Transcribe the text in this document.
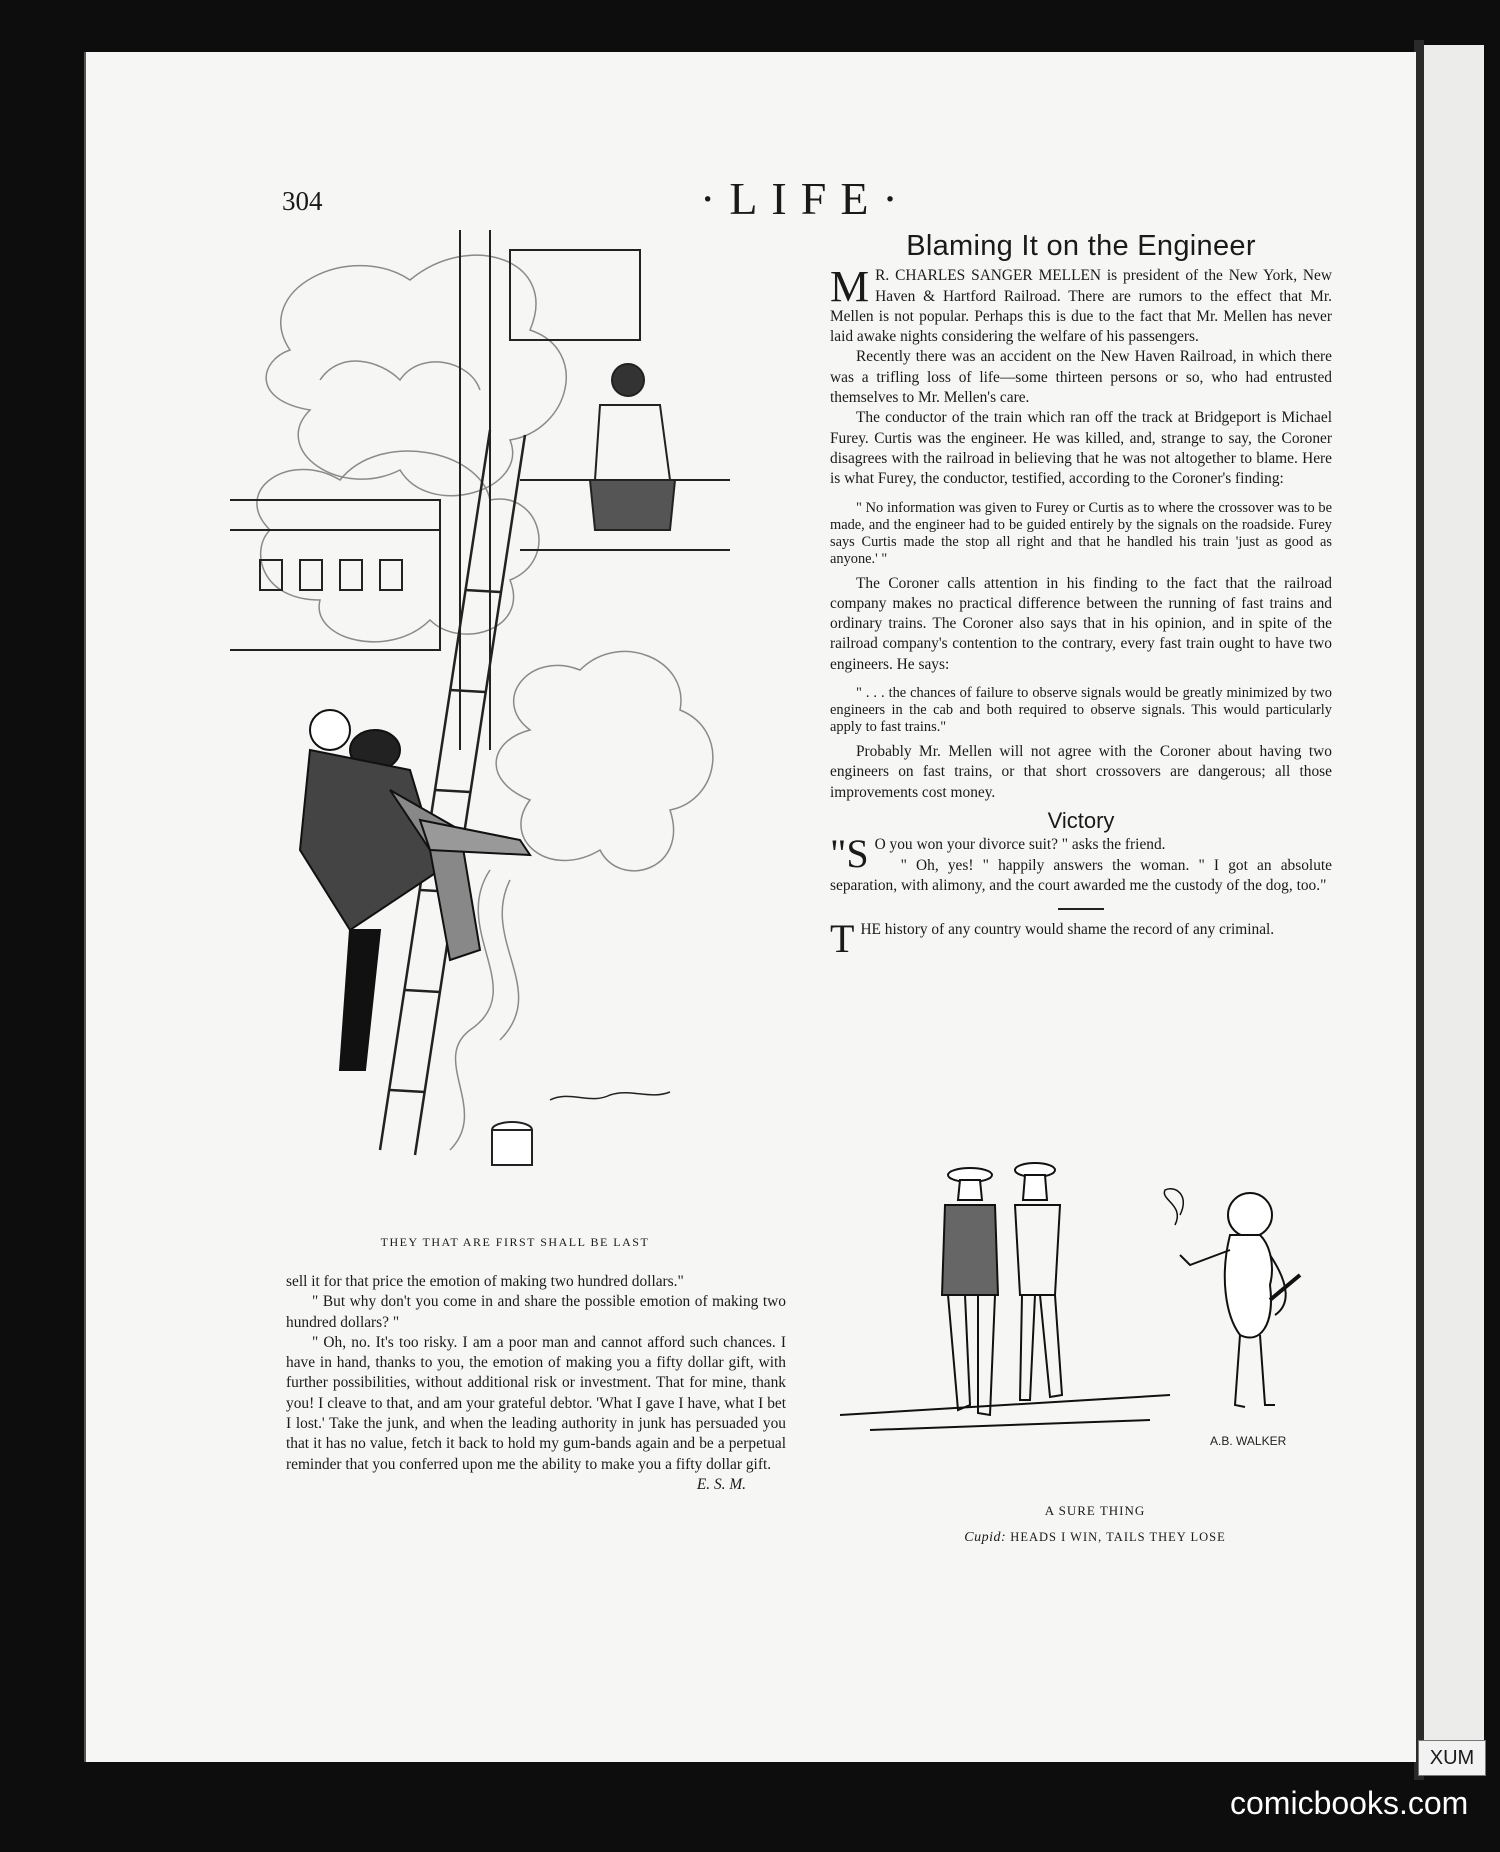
304	·LIFE·
THEY THAT ARE FIRST SHALL BE LAST

sell it for that price the emotion of making two hundred dollars."

" But why don't you come in and share the possible emotion of making two hundred dollars? "

" Oh, no. It's too risky. I am a poor man and cannot afford such chances. I have in hand, thanks to you, the emotion of making you a fifty dollar gift, with further possibilities, without additional risk or investment. That for mine, thank you! I cleave to that, and am your grateful debtor. 'What I gave I have, what I bet I lost.' Take the junk, and when the leading authority in junk has persuaded you that it has no value, fetch it back to hold my gum-bands again and be a perpetual reminder that you conferred upon me the ability to make you a fifty dollar gift.
E. S. M.

Blaming It on the Engineer

M R. CHARLES SANGER MELLEN is president of the New York, New Haven & Hartford Railroad. There are rumors to the effect that Mr. Mellen is not popular. Perhaps this is due to the fact that Mr. Mellen has never laid awake nights considering the welfare of his passengers.

Recently there was an accident on the New Haven Railroad, in which there was a trifling loss of life—some thirteen persons or so, who had entrusted themselves to Mr. Mellen's care.

The conductor of the train which ran off the track at Bridgeport is Michael Furey. Curtis was the engineer. He was killed, and, strange to say, the Coroner disagrees with the railroad in believing that he was not altogether to blame. Here is what Furey, the conductor, testified, according to the Coroner's finding:

" No information was given to Furey or Curtis as to where the crossover was to be made, and the engineer had to be guided entirely by the signals on the roadside. Furey says Curtis made the stop all right and that he handled his train 'just as good as anyone.' "

The Coroner calls attention in his finding to the fact that the railroad company makes no practical difference between the running of fast trains and ordinary trains. The Coroner also says that in his opinion, and in spite of the railroad company's contention to the contrary, every fast train ought to have two engineers. He says:

" . . . the chances of failure to observe signals would be greatly minimized by two engineers in the cab and both required to observe signals. This would particularly apply to fast trains."

Probably Mr. Mellen will not agree with the Coroner about having two engineers on fast trains, or that short crossovers are dangerous; all those improvements cost money.

Victory

"S O you won your divorce suit? " asks the friend.

" Oh, yes! " happily answers the woman. " I got an absolute separation, with alimony, and the court awarded me the custody of the dog, too."

THE history of any country would shame the record of any criminal.

A.B. WALKER
A SURE THING
Cupid: HEADS I WIN, TAILS THEY LOSE
XUM
comicbooks.com
